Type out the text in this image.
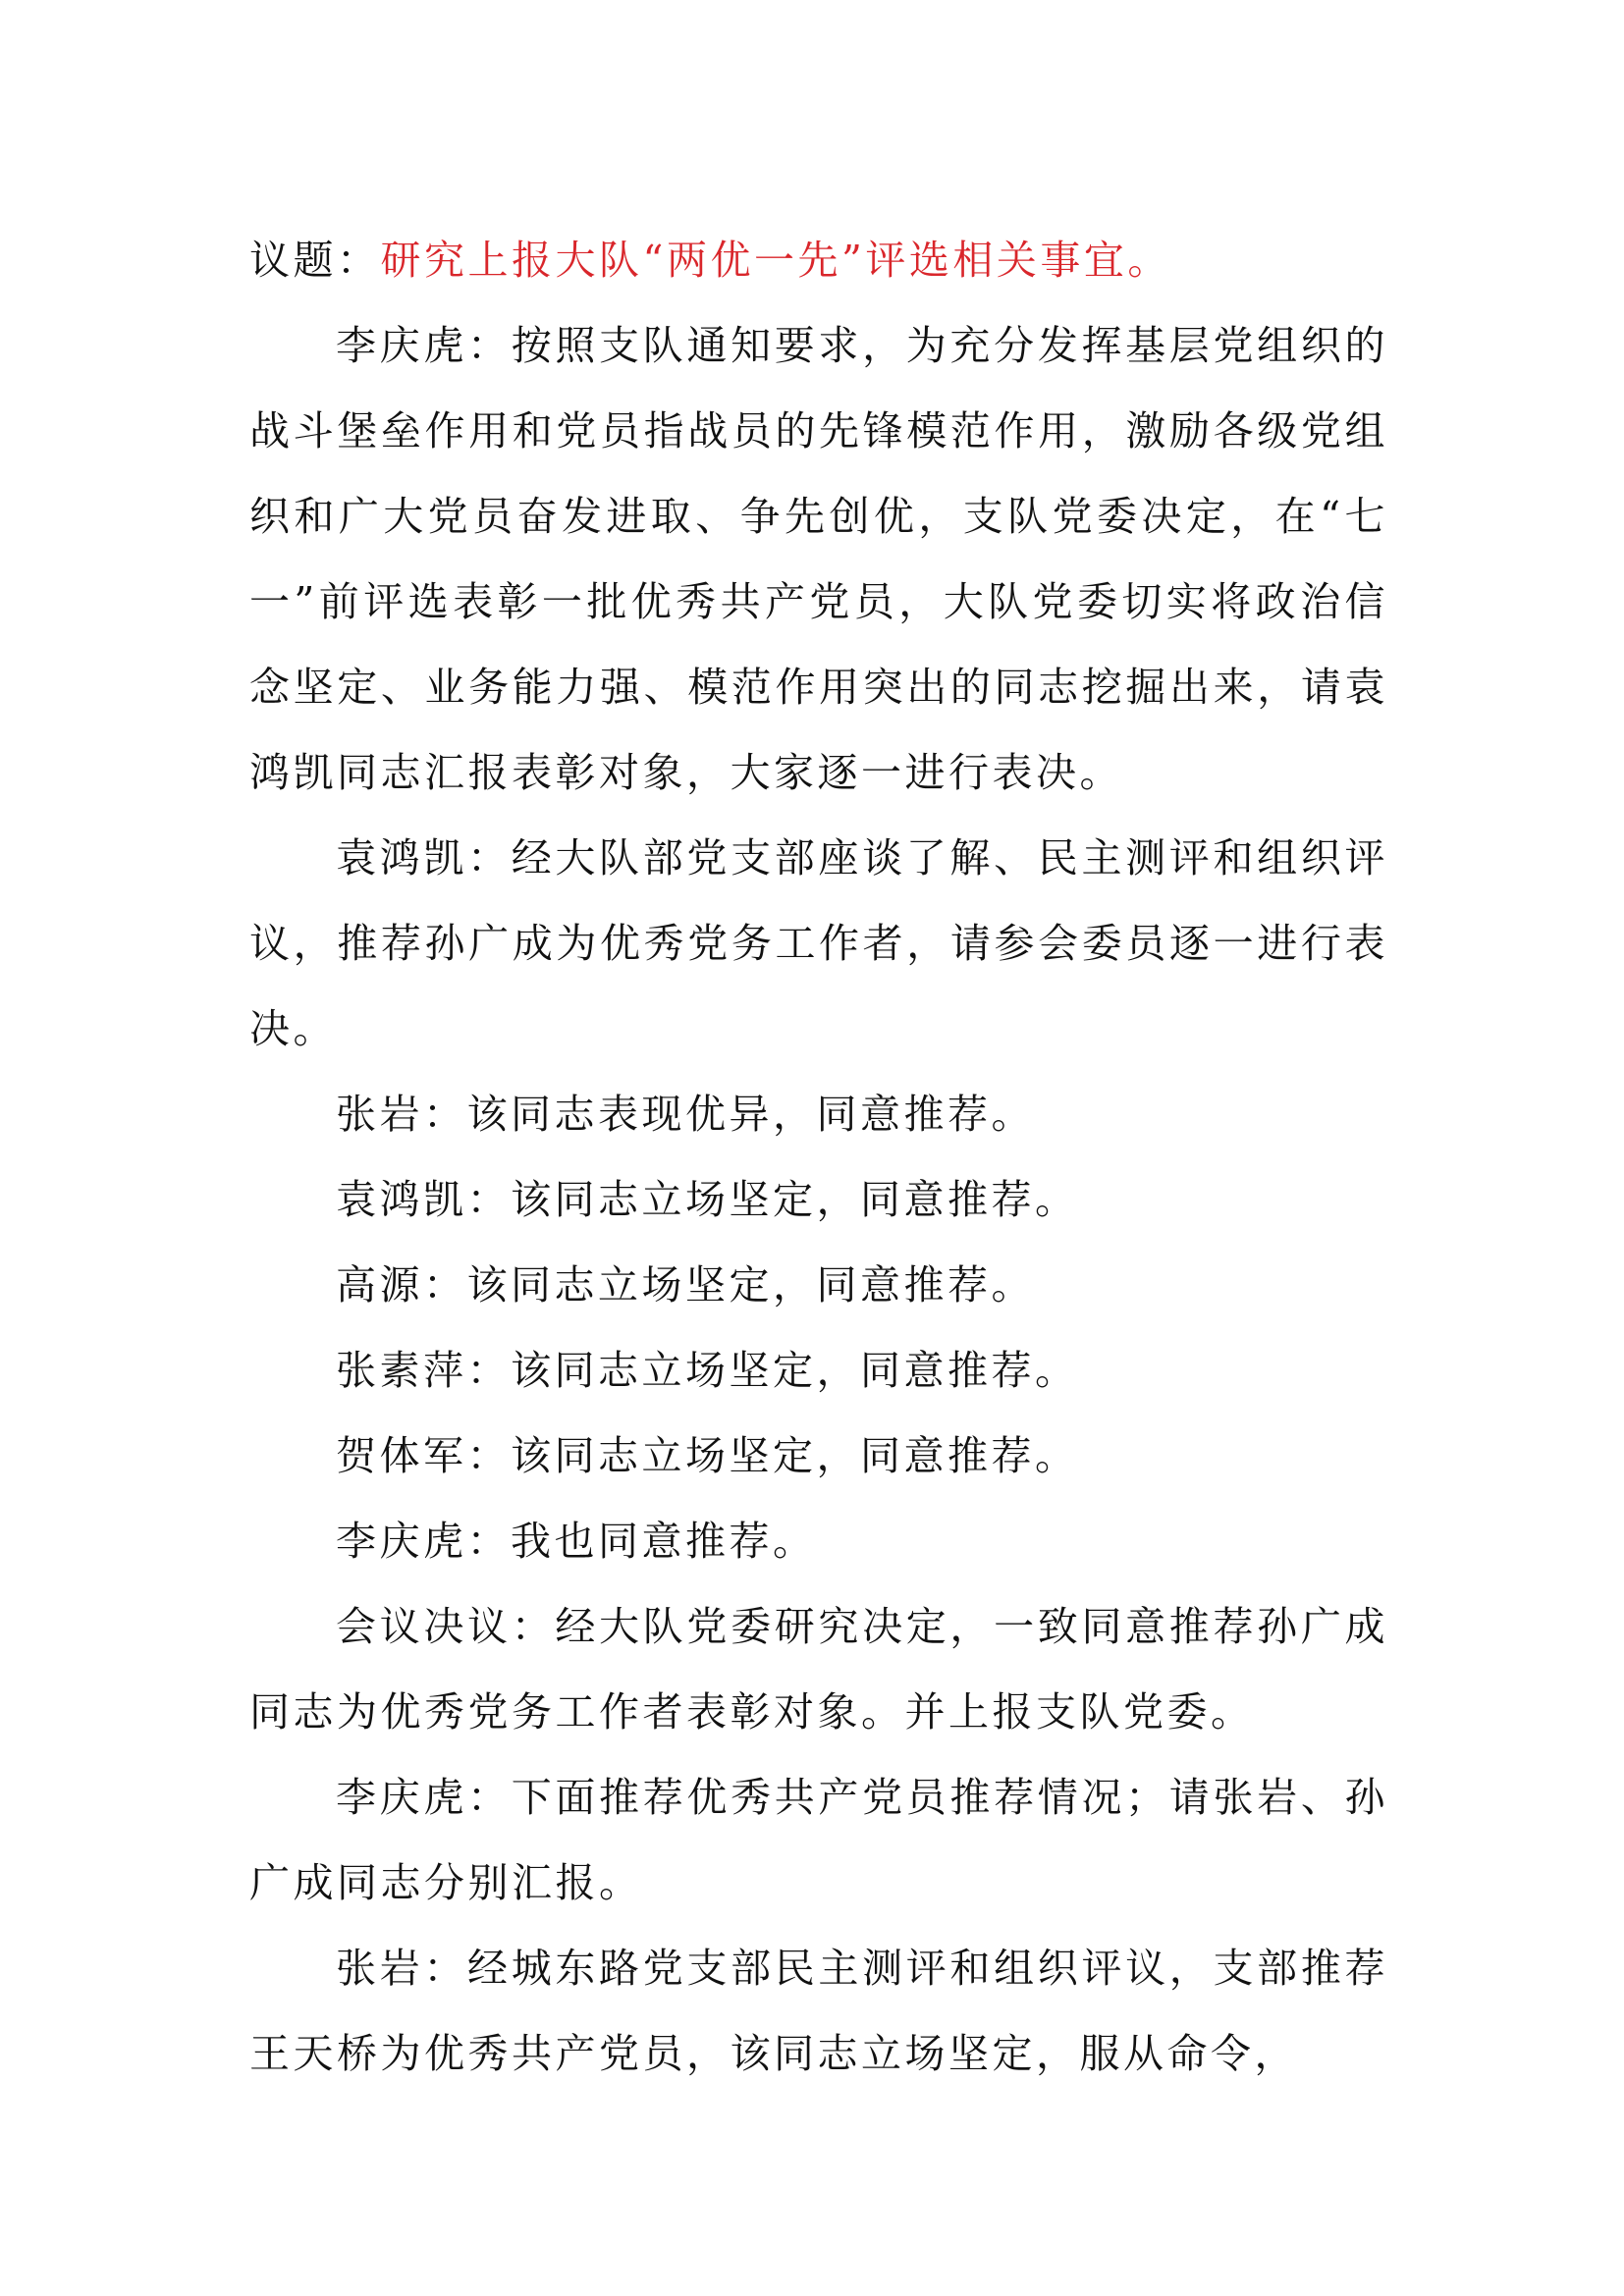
议题：研究上报大队“两优一先”评选相关事宜。

李庆虎：按照支队通知要求，为充分发挥基层党组织的战斗堡垒作用和党员指战员的先锋模范作用，激励各级党组织和广大党员奋发进取、争先创优，支队党委决定，在“七一”前评选表彰一批优秀共产党员，大队党委切实将政治信念坚定、业务能力强、模范作用突出的同志挖掘出来，请袁鸿凯同志汇报表彰对象，大家逐一进行表决。

袁鸿凯：经大队部党支部座谈了解、民主测评和组织评议，推荐孙广成为优秀党务工作者，请参会委员逐一进行表决。

张岩：该同志表现优异，同意推荐。

袁鸿凯：该同志立场坚定，同意推荐。

高源：该同志立场坚定，同意推荐。

张素萍：该同志立场坚定，同意推荐。

贺体军：该同志立场坚定，同意推荐。

李庆虎：我也同意推荐。

会议决议：经大队党委研究决定，一致同意推荐孙广成同志为优秀党务工作者表彰对象。并上报支队党委。

李庆虎：下面推荐优秀共产党员推荐情况；请张岩、孙广成同志分别汇报。

张岩：经城东路党支部民主测评和组织评议，支部推荐王天桥为优秀共产党员，该同志立场坚定，服从命令，
